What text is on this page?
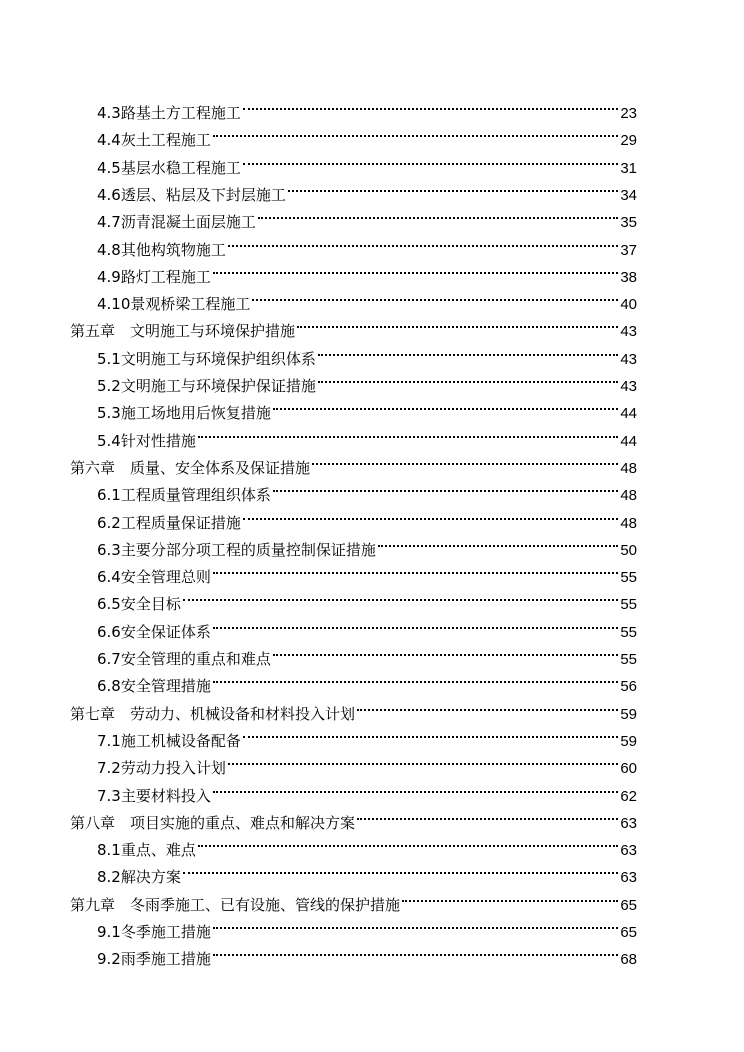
4.3 路基土方工程施工	23
4.4 灰土工程施工	29
4.5 基层水稳工程施工	31
4.6 透层、粘层及下封层施工	34
4.7 沥青混凝土面层施工	35
4.8 其他构筑物施工	37
4.9 路灯工程施工	38
4.10 景观桥梁工程施工	40
第五章　 文明施工与环境保护措施	43
5.1 文明施工与环境保护组织体系	43
5.2 文明施工与环境保护保证措施	43
5.3 施工场地用后恢复措施	44
5.4 针对性措施	44
第六章　 质量、安全体系及保证措施	48
6.1 工程质量管理组织体系	48
6.2 工程质量保证措施	48
6.3 主要分部分项工程的质量控制保证措施	50
6.4 安全管理总则	55
6.5 安全目标	55
6.6 安全保证体系	55
6.7 安全管理的重点和难点	55
6.8 安全管理措施	56
第七章　 劳动力、机械设备和材料投入计划	59
7.1 施工机械设备配备	59
7.2 劳动力投入计划	60
7.3 主要材料投入	62
第八章　 项目实施的重点、难点和解决方案	63
8.1 重点、难点	63
8.2 解决方案	63
第九章　 冬雨季施工、已有设施、管线的保护措施	65
9.1 冬季施工措施	65
9.2 雨季施工措施	68
